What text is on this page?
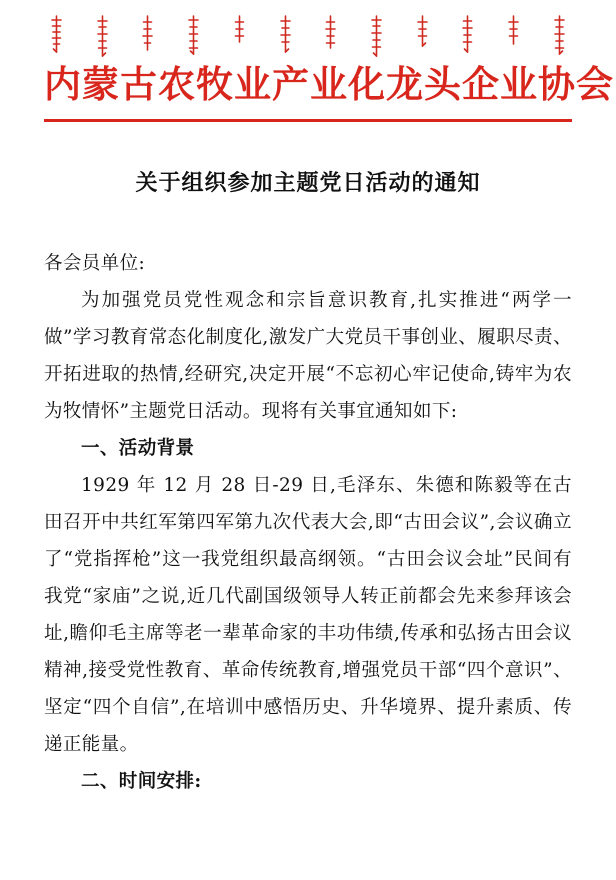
内蒙古农牧业产业化龙头企业协会
关于组织参加主题党日活动的通知

各会员单位:

为加强党员党性观念和宗旨意识教育,扎实推进“两学一做”学习教育常态化制度化,激发广大党员干事创业、履职尽责、开拓进取的热情,经研究,决定开展“不忘初心牢记使命,铸牢为农为牧情怀”主题党日活动。现将有关事宜通知如下:

一、活动背景

1929 年 12 月 28 日-29 日,毛泽东、朱德和陈毅等在古田召开中共红军第四军第九次代表大会,即“古田会议”,会议确立了“党指挥枪”这一我党组织最高纲领。“古田会议会址”民间有我党“家庙”之说,近几代副国级领导人转正前都会先来参拜该会址,瞻仰毛主席等老一辈革命家的丰功伟绩,传承和弘扬古田会议精神,接受党性教育、革命传统教育,增强党员干部“四个意识”、坚定“四个自信”,在培训中感悟历史、升华境界、提升素质、传递正能量。

二、时间安排:
